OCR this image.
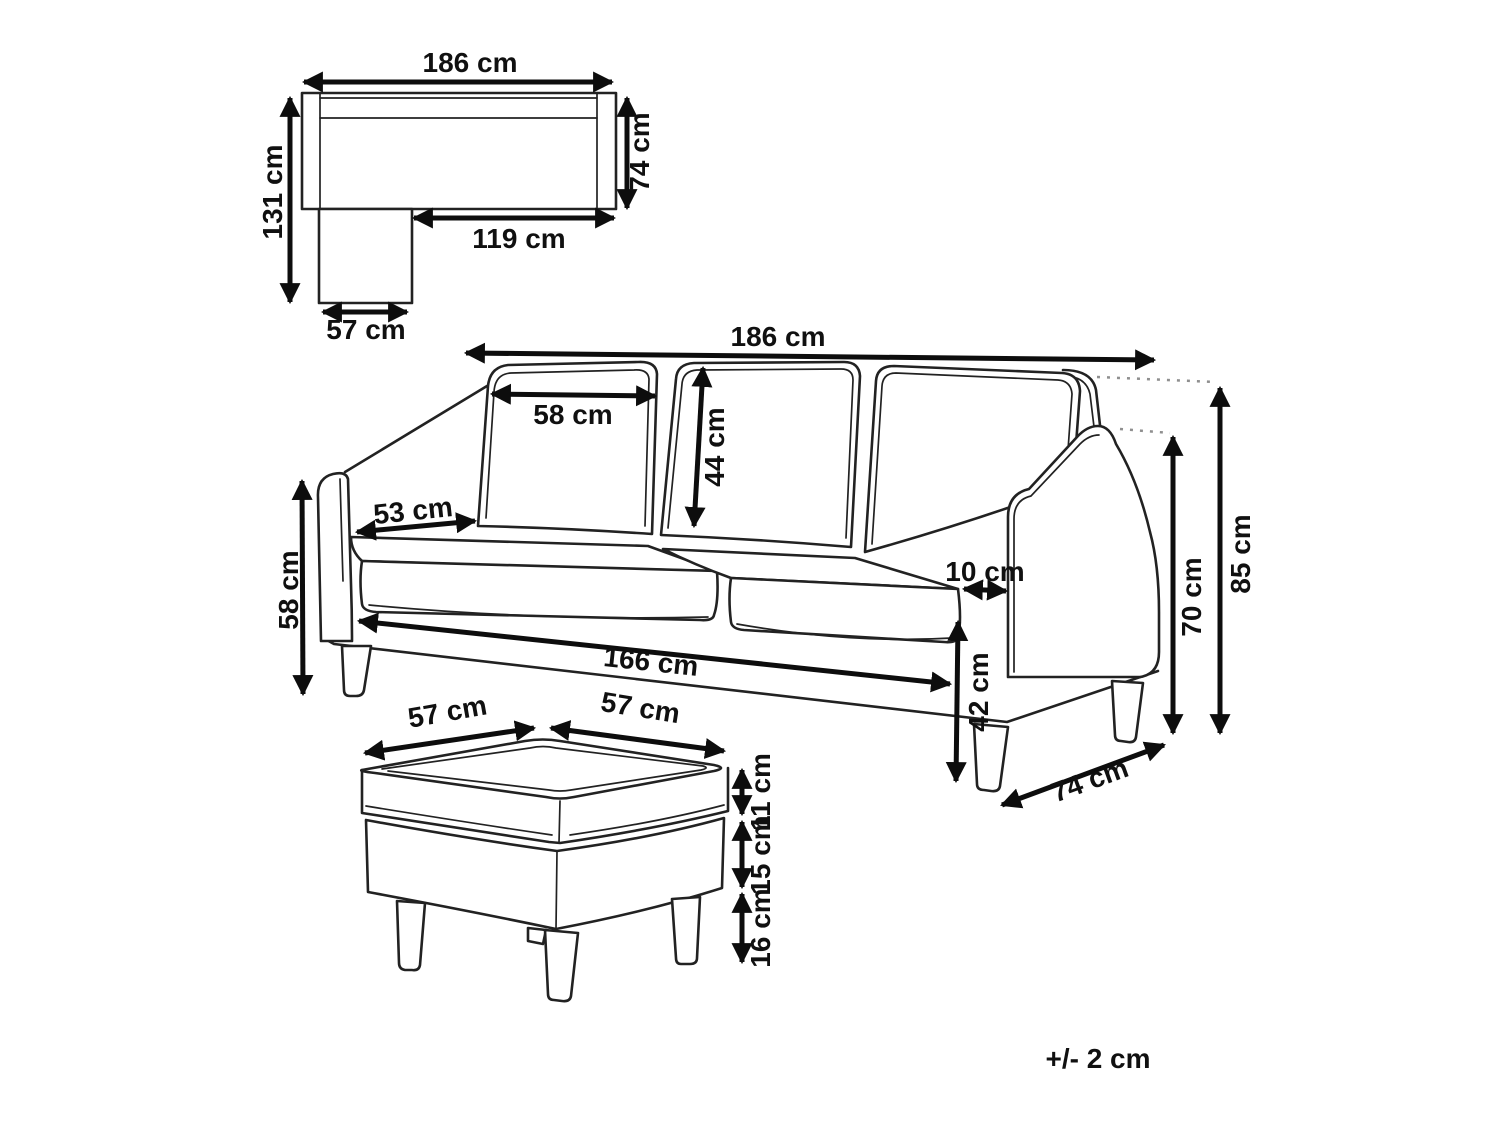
186 cm
131 cm	74 cm
119 cm
57 cm	186 cm
58 cm	44 cm
53 cm
58 cm
166 cm
10 cm
42 cm
70 cm
85 cm
74 cm
57 cm	57 cm
11 cm
15 cm
16 cm
+/- 2 cm
